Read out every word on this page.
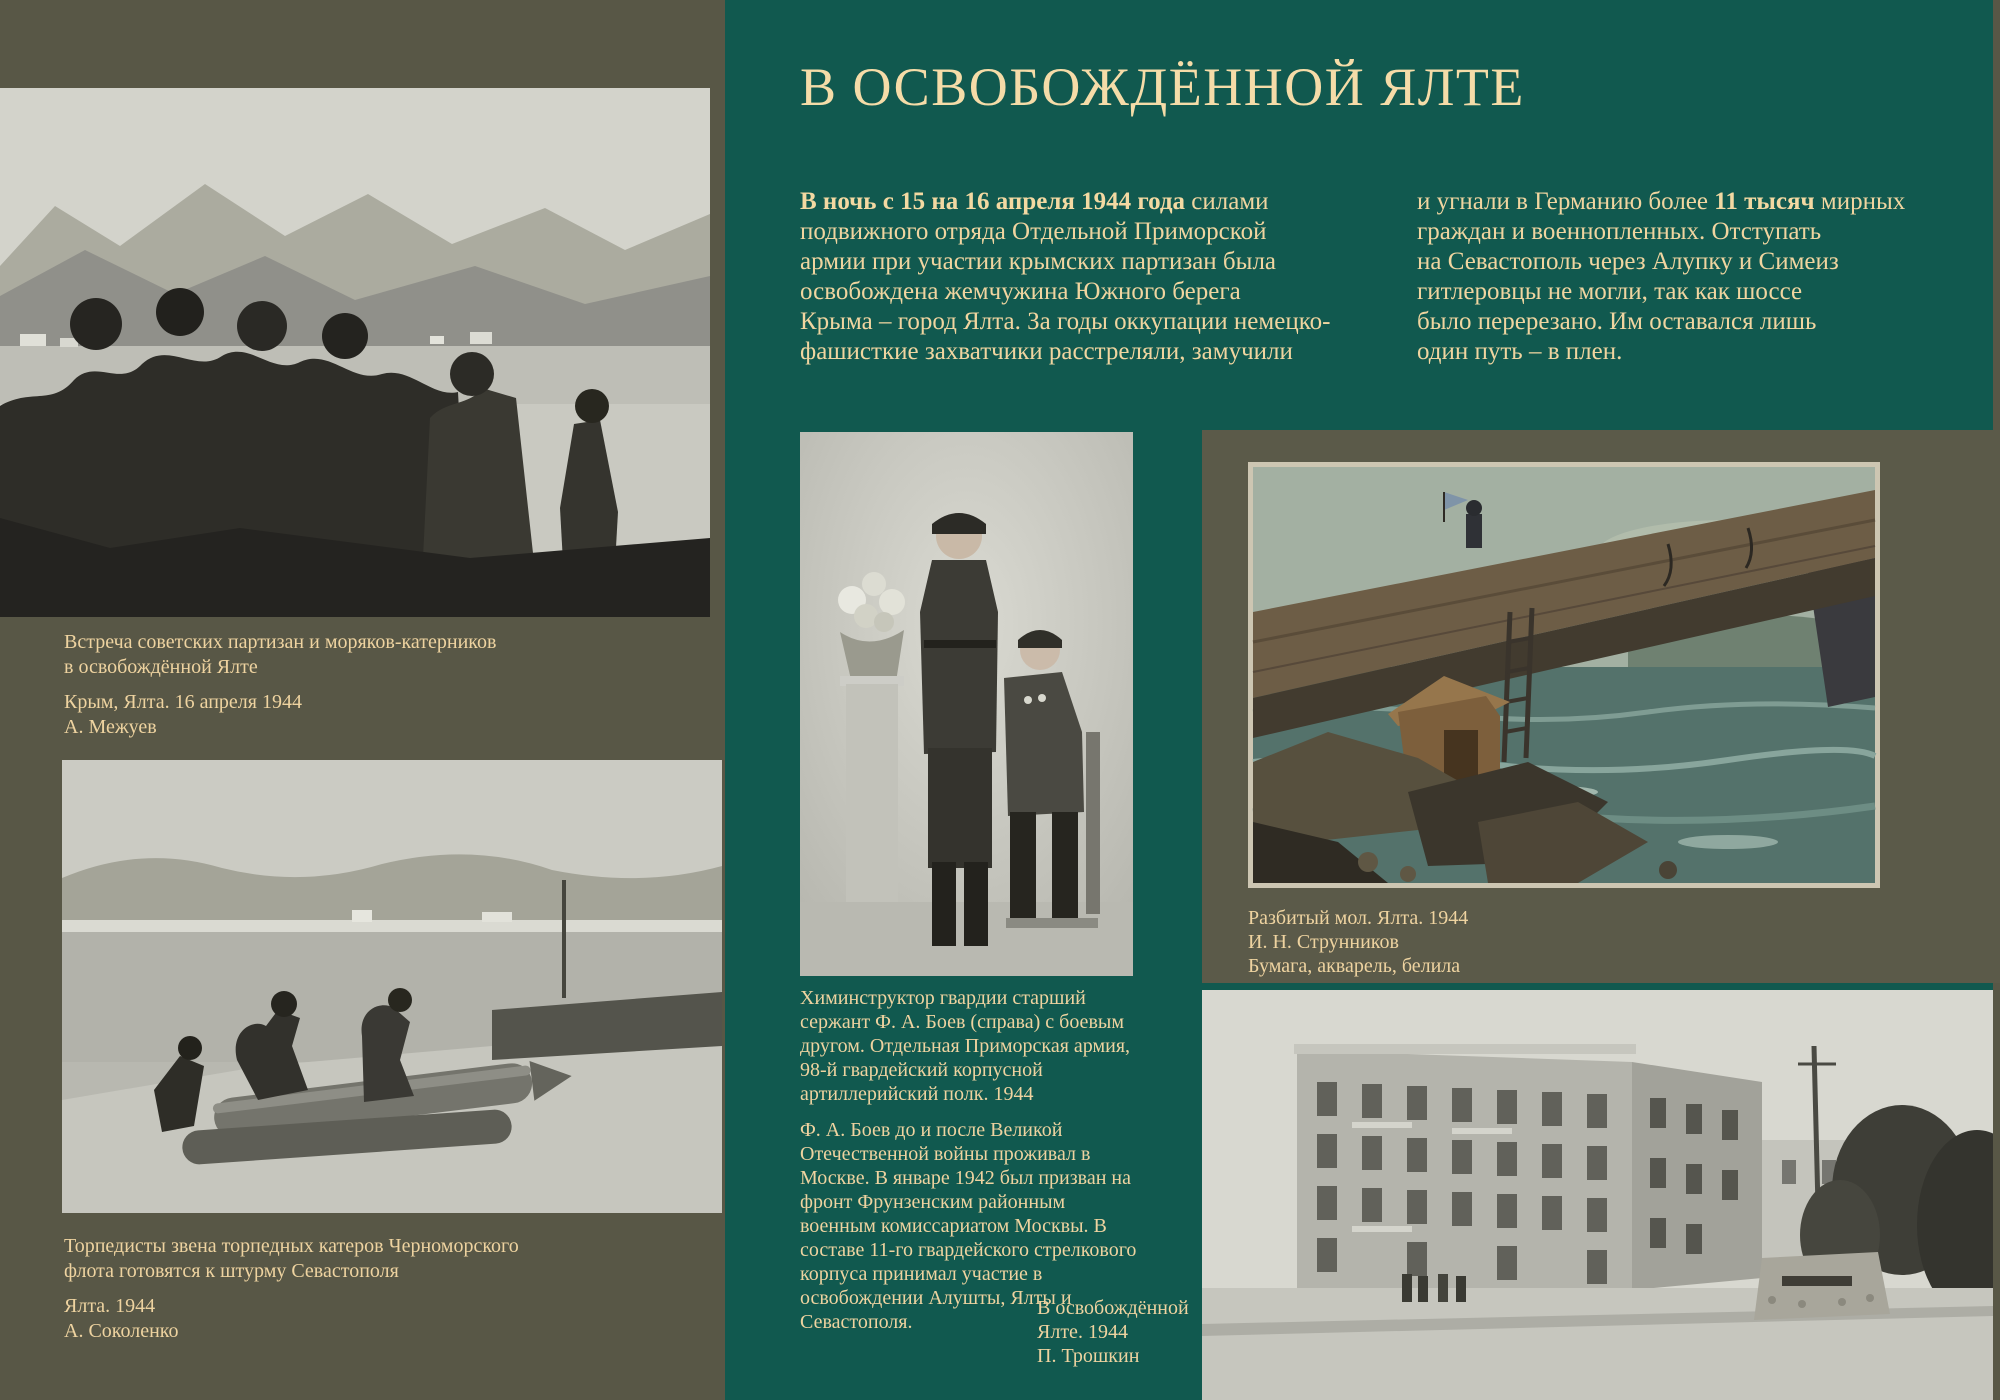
Встреча советских партизан и моряков-катерников в освобождённой Ялте
Крым, Ялта. 16 апреля 1944
А. Межуев
Торпедисты звена торпедных катеров Черноморского флота готовятся к штурму Севастополя
Ялта. 1944
А. Соколенко
В ОСВОБОЖДЁННОЙ ЯЛТЕ
В ночь с 15 на 16 апреля 1944 года силами
подвижного отряда Отдельной Приморской
армии при участии крымских партизан была
освобождена жемчужина Южного берега
Крыма – город Ялта. За годы оккупации немецко-
фашисткие захватчики расстреляли, замучили
и угнали в Германию более 11 тысяч мирных
граждан и военнопленных. Отступать
на Севастополь через Алупку и Симеиз
гитлеровцы не могли, так как шоссе
было перерезано. Им оставался лишь
один путь – в плен.
Химинструктор гвардии старший сержант Ф. А. Боев (справа) с боевым другом. Отдельная Приморская армия, 98-й гвардейский корпусной артиллерийский полк. 1944
Ф. А. Боев до и после Великой Отечественной войны проживал в Москве. В январе 1942 был призван на фронт Фрунзенским районным военным комиссариатом Москвы. В составе 11-го гвардейского стрелкового корпуса принимал участие в освобождении Алушты, Ялты и Севастополя.
Разбитый мол. Ялта. 1944
И. Н. Струнников
Бумага, акварель, белила
В освобождённой Ялте. 1944
П. Трошкин
